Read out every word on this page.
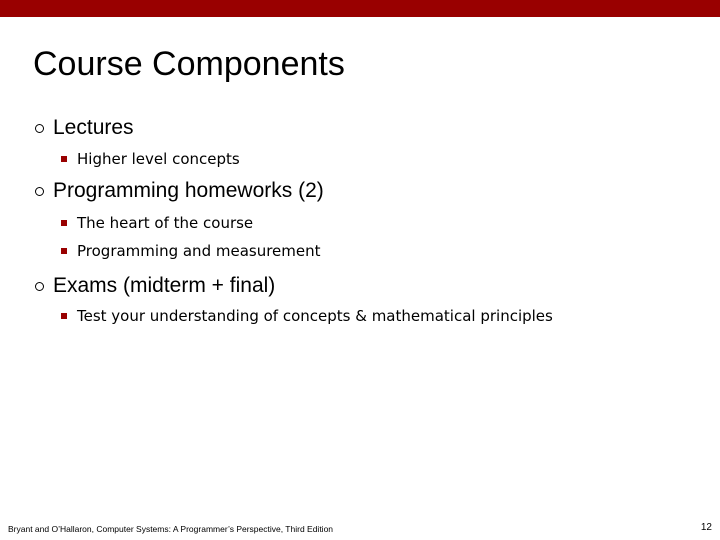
Course Components
Lectures
Higher level concepts
Programming homeworks (2)
The heart of the course
Programming and measurement
Exams (midterm + final)
Test your understanding of concepts & mathematical principles
Bryant and O’Hallaron, Computer Systems: A Programmer’s Perspective, Third Edition	12
